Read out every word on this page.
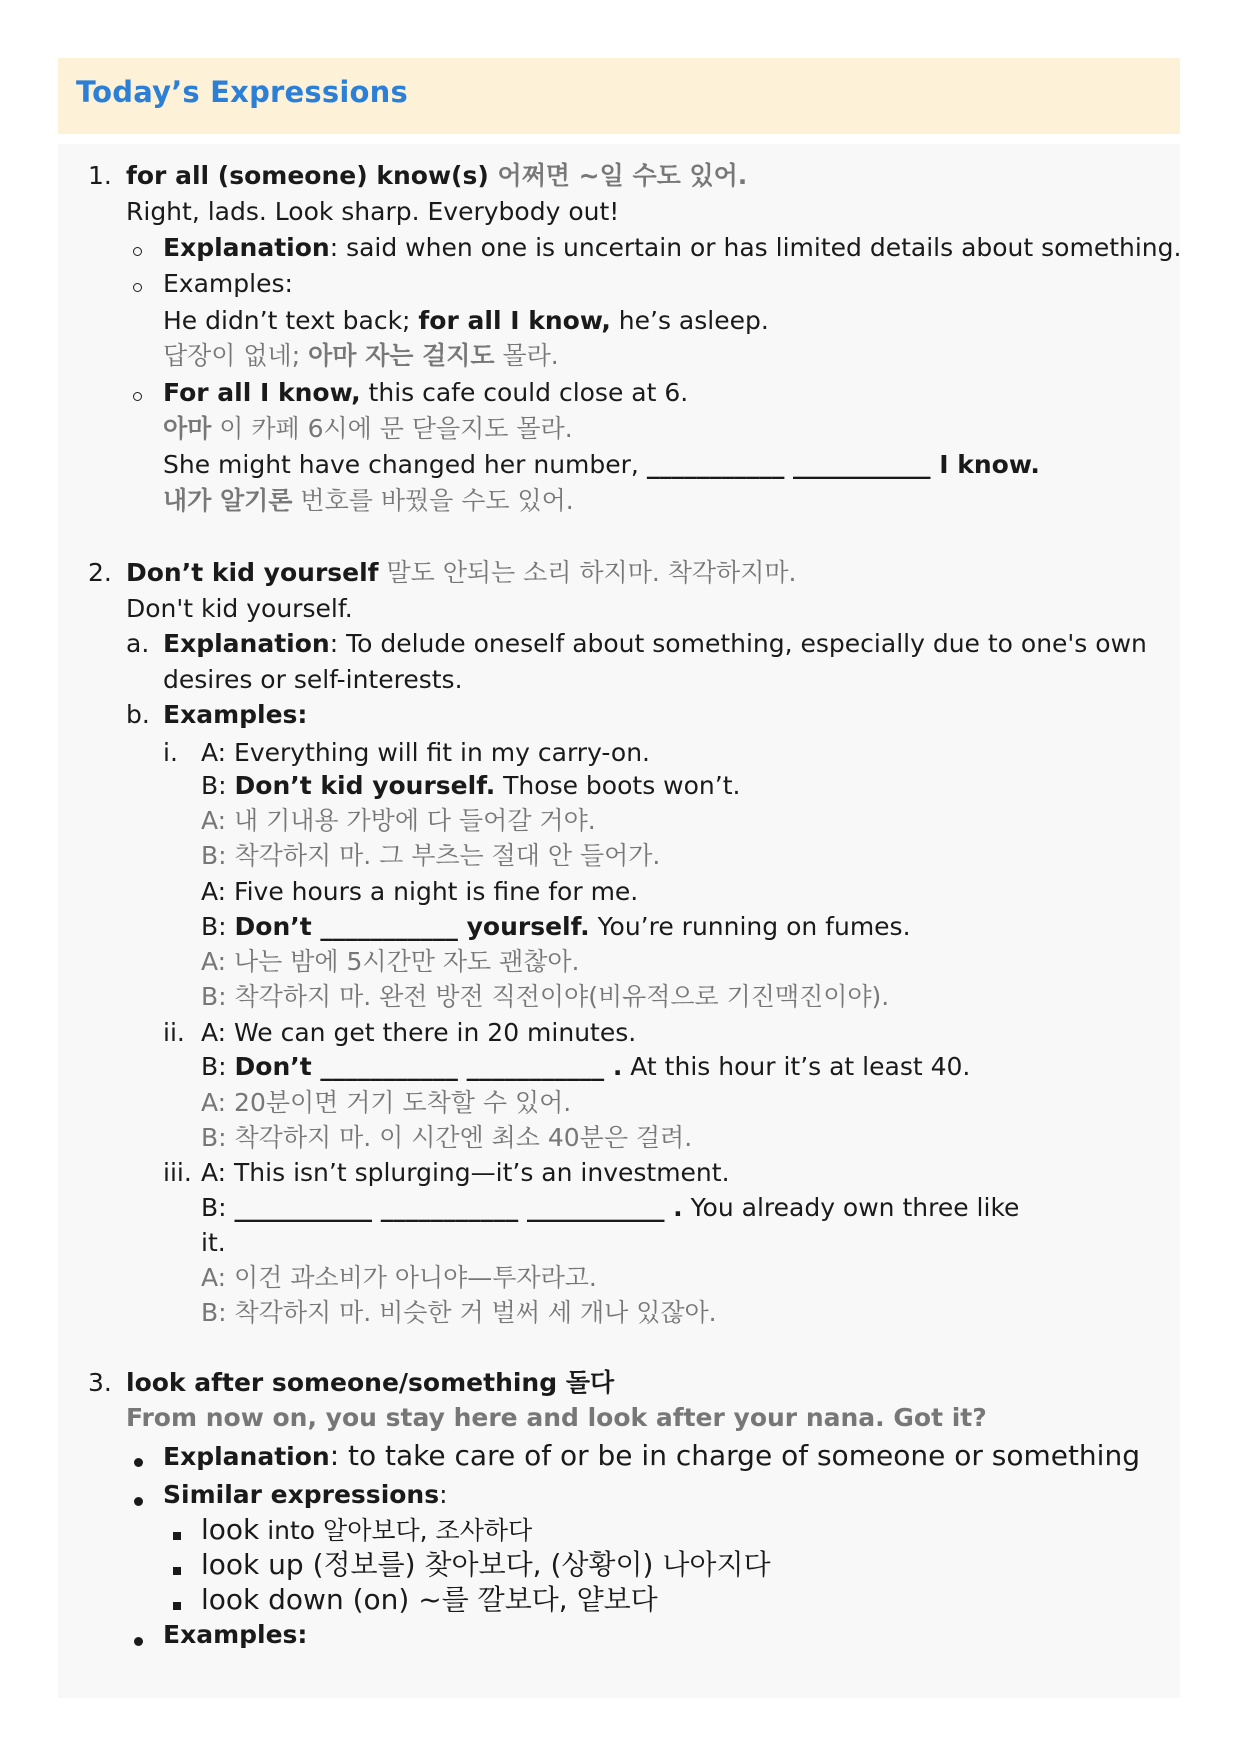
Today’s Expressions
1. for all (someone) know(s) 어쩌면 ~일 수도 있어.
Right, lads. Look sharp. Everybody out!
Explanation: said when one is uncertain or has limited details about something.
Examples:
He didn’t text back; for all I know, he’s asleep.
답장이 없네; 아마 자는 걸지도 몰라.
For all I know, this cafe could close at 6.
아마 이 카페 6시에 문 닫을지도 몰라.
She might have changed her number, ___________ ___________ I know.
내가 알기론 번호를 바꿨을 수도 있어.
2. Don’t kid yourself 말도 안되는 소리 하지마. 착각하지마.
Don't kid yourself.
a. Explanation: To delude oneself about something, especially due to one's own
desires or self-interests.
b. Examples:
i. A: Everything will fit in my carry-on.
B: Don’t kid yourself. Those boots won’t.
A: 내 기내용 가방에 다 들어갈 거야.
B: 착각하지 마. 그 부츠는 절대 안 들어가.
A: Five hours a night is fine for me.
B: Don’t ___________ yourself. You’re running on fumes.
A: 나는 밤에 5시간만 자도 괜찮아.
B: 착각하지 마. 완전 방전 직전이야(비유적으로 기진맥진이야).
ii. A: We can get there in 20 minutes.
B: Don’t ___________ ___________ . At this hour it’s at least 40.
A: 20분이면 거기 도착할 수 있어.
B: 착각하지 마. 이 시간엔 최소 40분은 걸려.
iii. A: This isn’t splurging—it’s an investment.
B: ___________ ___________ ___________ . You already own three like
it.
A: 이건 과소비가 아니야—투자라고.
B: 착각하지 마. 비슷한 거 벌써 세 개나 있잖아.
3. look after someone/something 돌다
From now on, you stay here and look after your nana. Got it?
Explanation: to take care of or be in charge of someone or something
Similar expressions:
look into 알아보다, 조사하다
look up (정보를) 찾아보다, (상황이) 나아지다
look down (on) ~를 깔보다, 얕보다
Examples:
